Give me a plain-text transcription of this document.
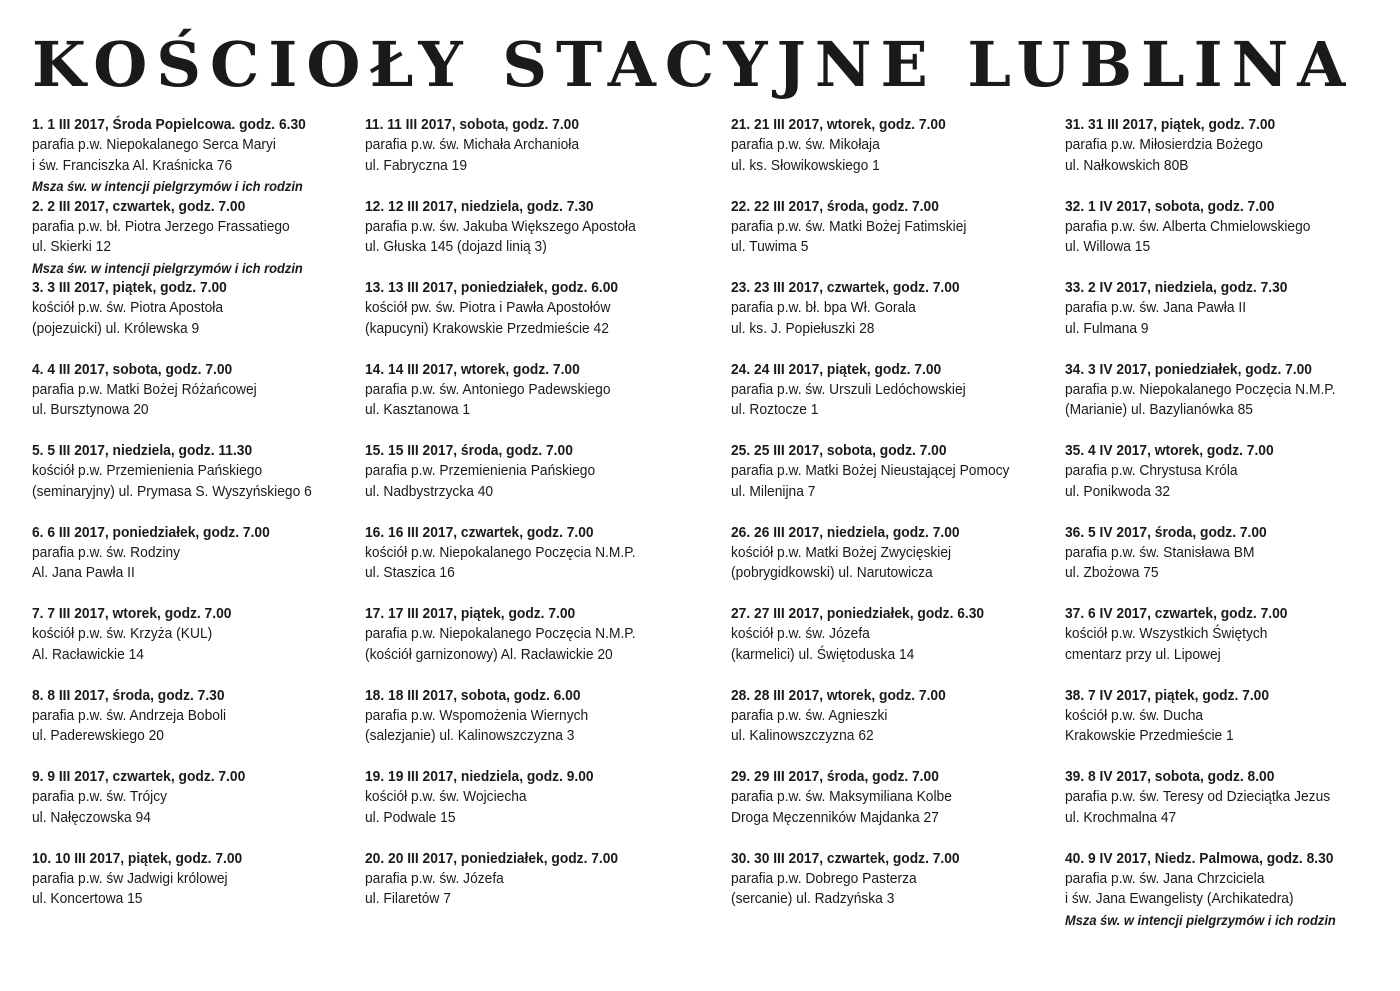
KOŚCIOŁY STACYJNE LUBLINA
1. 1 III 2017, Środa Popielcowa. godz. 6.30
parafia p.w. Niepokalanego Serca Maryi
i św. Franciszka Al. Kraśnicka 76
Msza św. w intencji pielgrzymów i ich rodzin
2. 2 III 2017, czwartek, godz. 7.00
parafia p.w. bł. Piotra Jerzego Frassatiego
ul. Skierki 12
Msza św. w intencji pielgrzymów i ich rodzin
3. 3 III 2017, piątek, godz. 7.00
kościół p.w. św. Piotra Apostoła
(pojezuicki) ul. Królewska 9
4. 4 III 2017, sobota, godz. 7.00
parafia p.w. Matki Bożej Różańcowej
ul. Bursztynowa 20
5. 5 III 2017, niedziela, godz. 11.30
kościół p.w. Przemienienia Pańskiego
(seminaryjny) ul. Prymasa S. Wyszyńskiego 6
6. 6 III 2017, poniedziałek, godz. 7.00
parafia p.w. św. Rodziny
Al. Jana Pawła II
7. 7 III 2017, wtorek, godz. 7.00
kościół p.w. św. Krzyża (KUL)
Al. Racławickie 14
8. 8 III 2017, środa, godz. 7.30
parafia p.w. św. Andrzeja Boboli
ul. Paderewskiego 20
9. 9 III 2017, czwartek, godz. 7.00
parafia p.w. św. Trójcy
ul. Nałęczowska 94
10. 10 III 2017, piątek, godz. 7.00
parafia p.w. św Jadwigi królowej
ul. Koncertowa 15
11. 11 III 2017, sobota, godz. 7.00
parafia p.w. św. Michała Archanioła
ul. Fabryczna 19
12. 12 III 2017, niedziela, godz. 7.30
parafia p.w. św. Jakuba Większego Apostoła
ul. Głuska 145 (dojazd linią 3)
13. 13 III 2017, poniedziałek, godz. 6.00
kościół pw. św. Piotra i Pawła Apostołów
(kapucyni) Krakowskie Przedmieście 42
14. 14 III 2017, wtorek, godz. 7.00
parafia p.w. św. Antoniego Padewskiego
ul. Kasztanowa 1
15. 15 III 2017, środa, godz. 7.00
parafia p.w. Przemienienia Pańskiego
ul. Nadbystrzycka 40
16. 16 III 2017, czwartek, godz. 7.00
kościół p.w. Niepokalanego Poczęcia N.M.P.
ul. Staszica 16
17. 17 III 2017, piątek, godz. 7.00
parafia p.w. Niepokalanego Poczęcia N.M.P.
(kościół garnizonowy) Al. Racławickie 20
18. 18 III 2017, sobota, godz. 6.00
parafia p.w. Wspomożenia Wiernych
(salezjanie) ul. Kalinowszczyzna 3
19. 19 III 2017, niedziela, godz. 9.00
kościół p.w. św. Wojciecha
ul. Podwale 15
20. 20 III 2017, poniedziałek, godz. 7.00
parafia p.w. św. Józefa
ul. Filaretów 7
21. 21 III 2017, wtorek, godz. 7.00
parafia p.w. św. Mikołaja
ul. ks. Słowikowskiego 1
22. 22 III 2017, środa, godz. 7.00
parafia p.w. św. Matki Bożej Fatimskiej
ul. Tuwima 5
23. 23 III 2017, czwartek, godz. 7.00
parafia p.w. bł. bpa Wł. Gorala
ul. ks. J. Popiełuszki 28
24. 24 III 2017, piątek, godz. 7.00
parafia p.w. św. Urszuli Ledóchowskiej
ul. Roztocze 1
25. 25 III 2017, sobota, godz. 7.00
parafia p.w. Matki Bożej Nieustającej Pomocy
ul. Milenijna 7
26. 26 III 2017, niedziela, godz. 7.00
kościół p.w. Matki Bożej Zwycięskiej
(pobrygidkowski) ul. Narutowicza
27. 27 III 2017, poniedziałek, godz. 6.30
kościół p.w. św. Józefa
(karmelici) ul. Świętoduska 14
28. 28 III 2017, wtorek, godz. 7.00
parafia p.w. św. Agnieszki
ul. Kalinowszczyzna 62
29. 29 III 2017, środa, godz. 7.00
parafia p.w. św. Maksymiliana Kolbe
Droga Męczenników Majdanka 27
30. 30 III 2017, czwartek, godz. 7.00
parafia p.w. Dobrego Pasterza
(sercanie) ul. Radzyńska 3
31. 31 III 2017, piątek, godz. 7.00
parafia p.w. Miłosierdzia Bożego
ul. Nałkowskich 80B
32. 1 IV 2017, sobota, godz. 7.00
parafia p.w. św. Alberta Chmielowskiego
ul. Willowa 15
33. 2 IV 2017, niedziela, godz. 7.30
parafia p.w. św. Jana Pawła II
ul. Fulmana 9
34. 3 IV 2017, poniedziałek, godz. 7.00
parafia p.w. Niepokalanego Poczęcia N.M.P.
(Marianie) ul. Bazylianówka 85
35. 4 IV 2017, wtorek, godz. 7.00
parafia p.w. Chrystusa Króla
ul. Ponikwoda 32
36. 5 IV 2017, środa, godz. 7.00
parafia p.w. św. Stanisława BM
ul. Zbożowa 75
37. 6 IV 2017, czwartek, godz. 7.00
kościół p.w. Wszystkich Świętych
cmentarz przy ul. Lipowej
38. 7 IV 2017, piątek, godz. 7.00
kościół p.w. św. Ducha
Krakowskie Przedmieście 1
39. 8 IV 2017, sobota, godz. 8.00
parafia p.w. św. Teresy od Dzieciątka Jezus
ul. Krochmalna 47
40. 9 IV 2017, Niedz. Palmowa, godz. 8.30
parafia p.w. św. Jana Chrzciciela
i św. Jana Ewangelisty (Archikatedra)
Msza św. w intencji pielgrzymów i ich rodzin
